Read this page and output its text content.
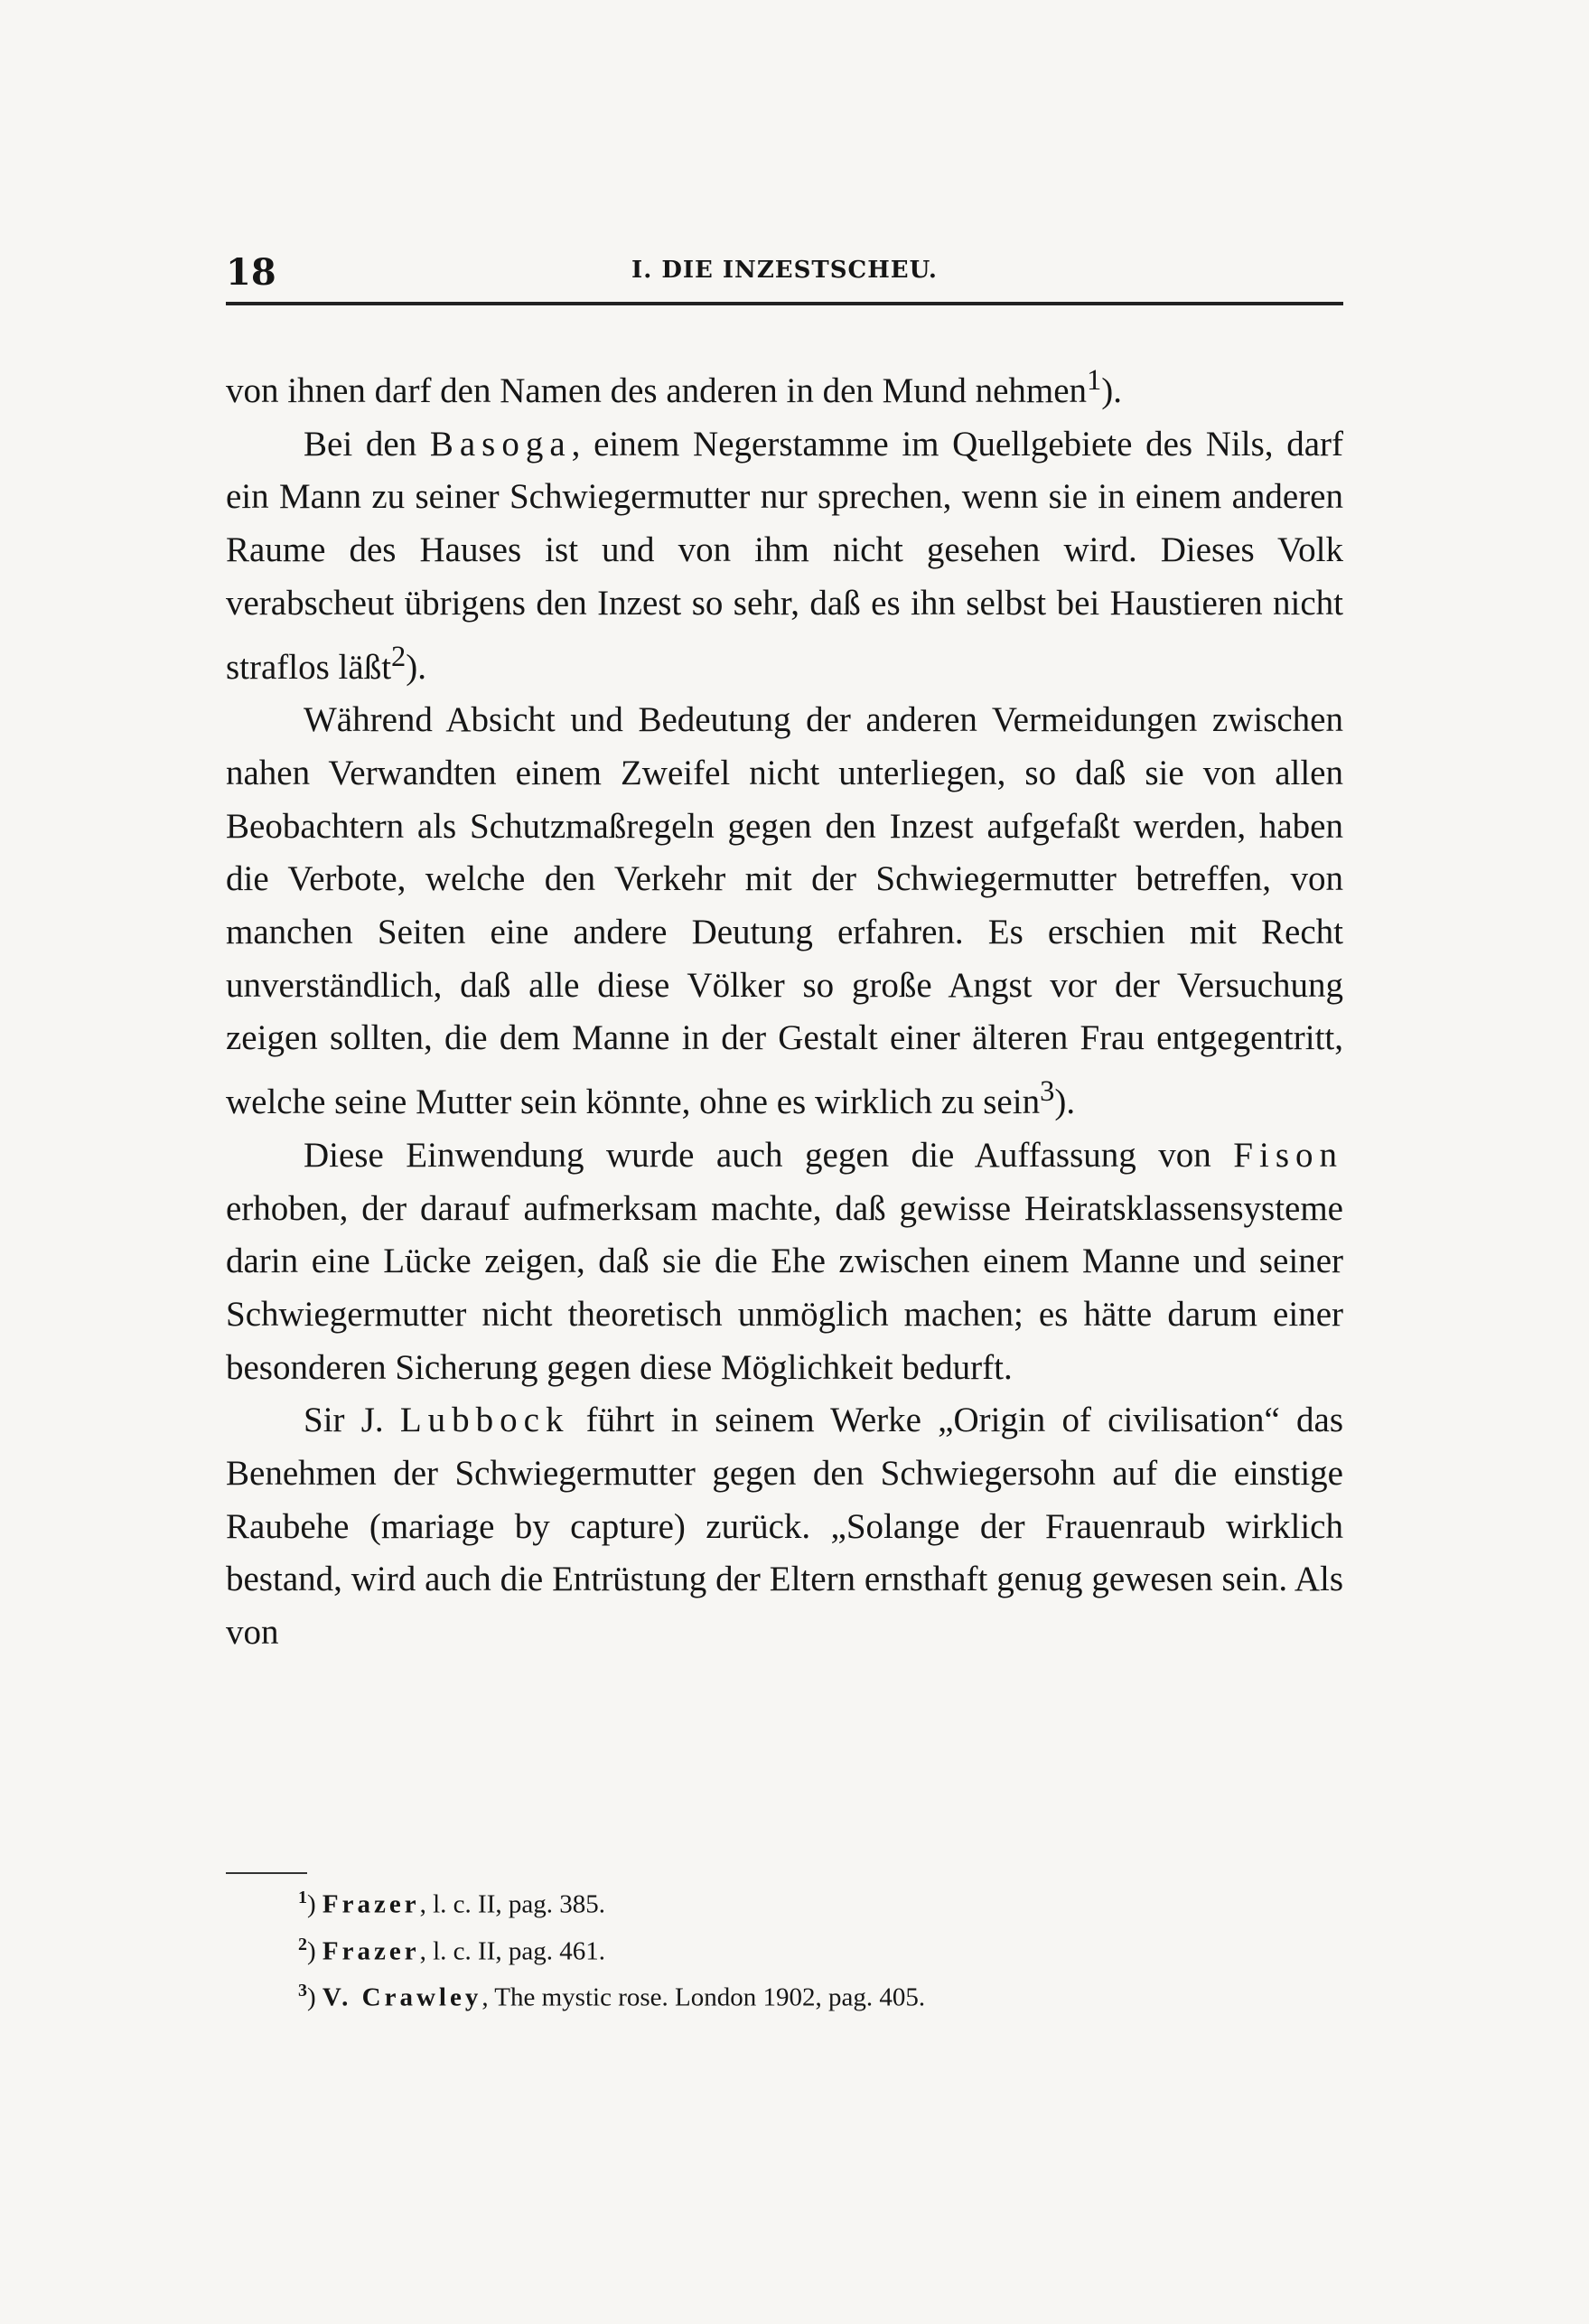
18	I. DIE INZESTSCHEU.

von ihnen darf den Namen des anderen in den Mund nehmen$^1$).

Bei den Basoga, einem Negerstamme im Quellgebiete des Nils, darf ein Mann zu seiner Schwiegermutter nur sprechen, wenn sie in einem anderen Raume des Hauses ist und von ihm nicht gesehen wird. Dieses Volk verabscheut übrigens den Inzest so sehr, daß es ihn selbst bei Haustieren nicht straflos läßt$^2$).

Während Absicht und Bedeutung der anderen Vermeidungen zwischen nahen Verwandten einem Zweifel nicht unterliegen, so daß sie von allen Beobachtern als Schutzmaßregeln gegen den Inzest aufgefaßt werden, haben die Verbote, welche den Verkehr mit der Schwiegermutter betreffen, von manchen Seiten eine andere Deutung erfahren. Es erschien mit Recht unverständlich, daß alle diese Völker so große Angst vor der Versuchung zeigen sollten, die dem Manne in der Gestalt einer älteren Frau entgegentritt, welche seine Mutter sein könnte, ohne es wirklich zu sein$^3$).

Diese Einwendung wurde auch gegen die Auffassung von Fison erhoben, der darauf aufmerksam machte, daß gewisse Heiratsklassensysteme darin eine Lücke zeigen, daß sie die Ehe zwischen einem Manne und seiner Schwiegermutter nicht theoretisch unmöglich machen; es hätte darum einer besonderen Sicherung gegen diese Möglichkeit bedurft.

Sir J. Lubbock führt in seinem Werke „Origin of civilisation“ das Benehmen der Schwiegermutter gegen den Schwiegersohn auf die einstige Raubehe (mariage by capture) zurück. „Solange der Frauenraub wirklich bestand, wird auch die Entrüstung der Eltern ernsthaft genug gewesen sein. Als von

$^1$) Frazer, l. c. II, pag. 385.
$^2$) Frazer, l. c. II, pag. 461.
$^3$) V. Crawley, The mystic rose. London 1902, pag. 405.
